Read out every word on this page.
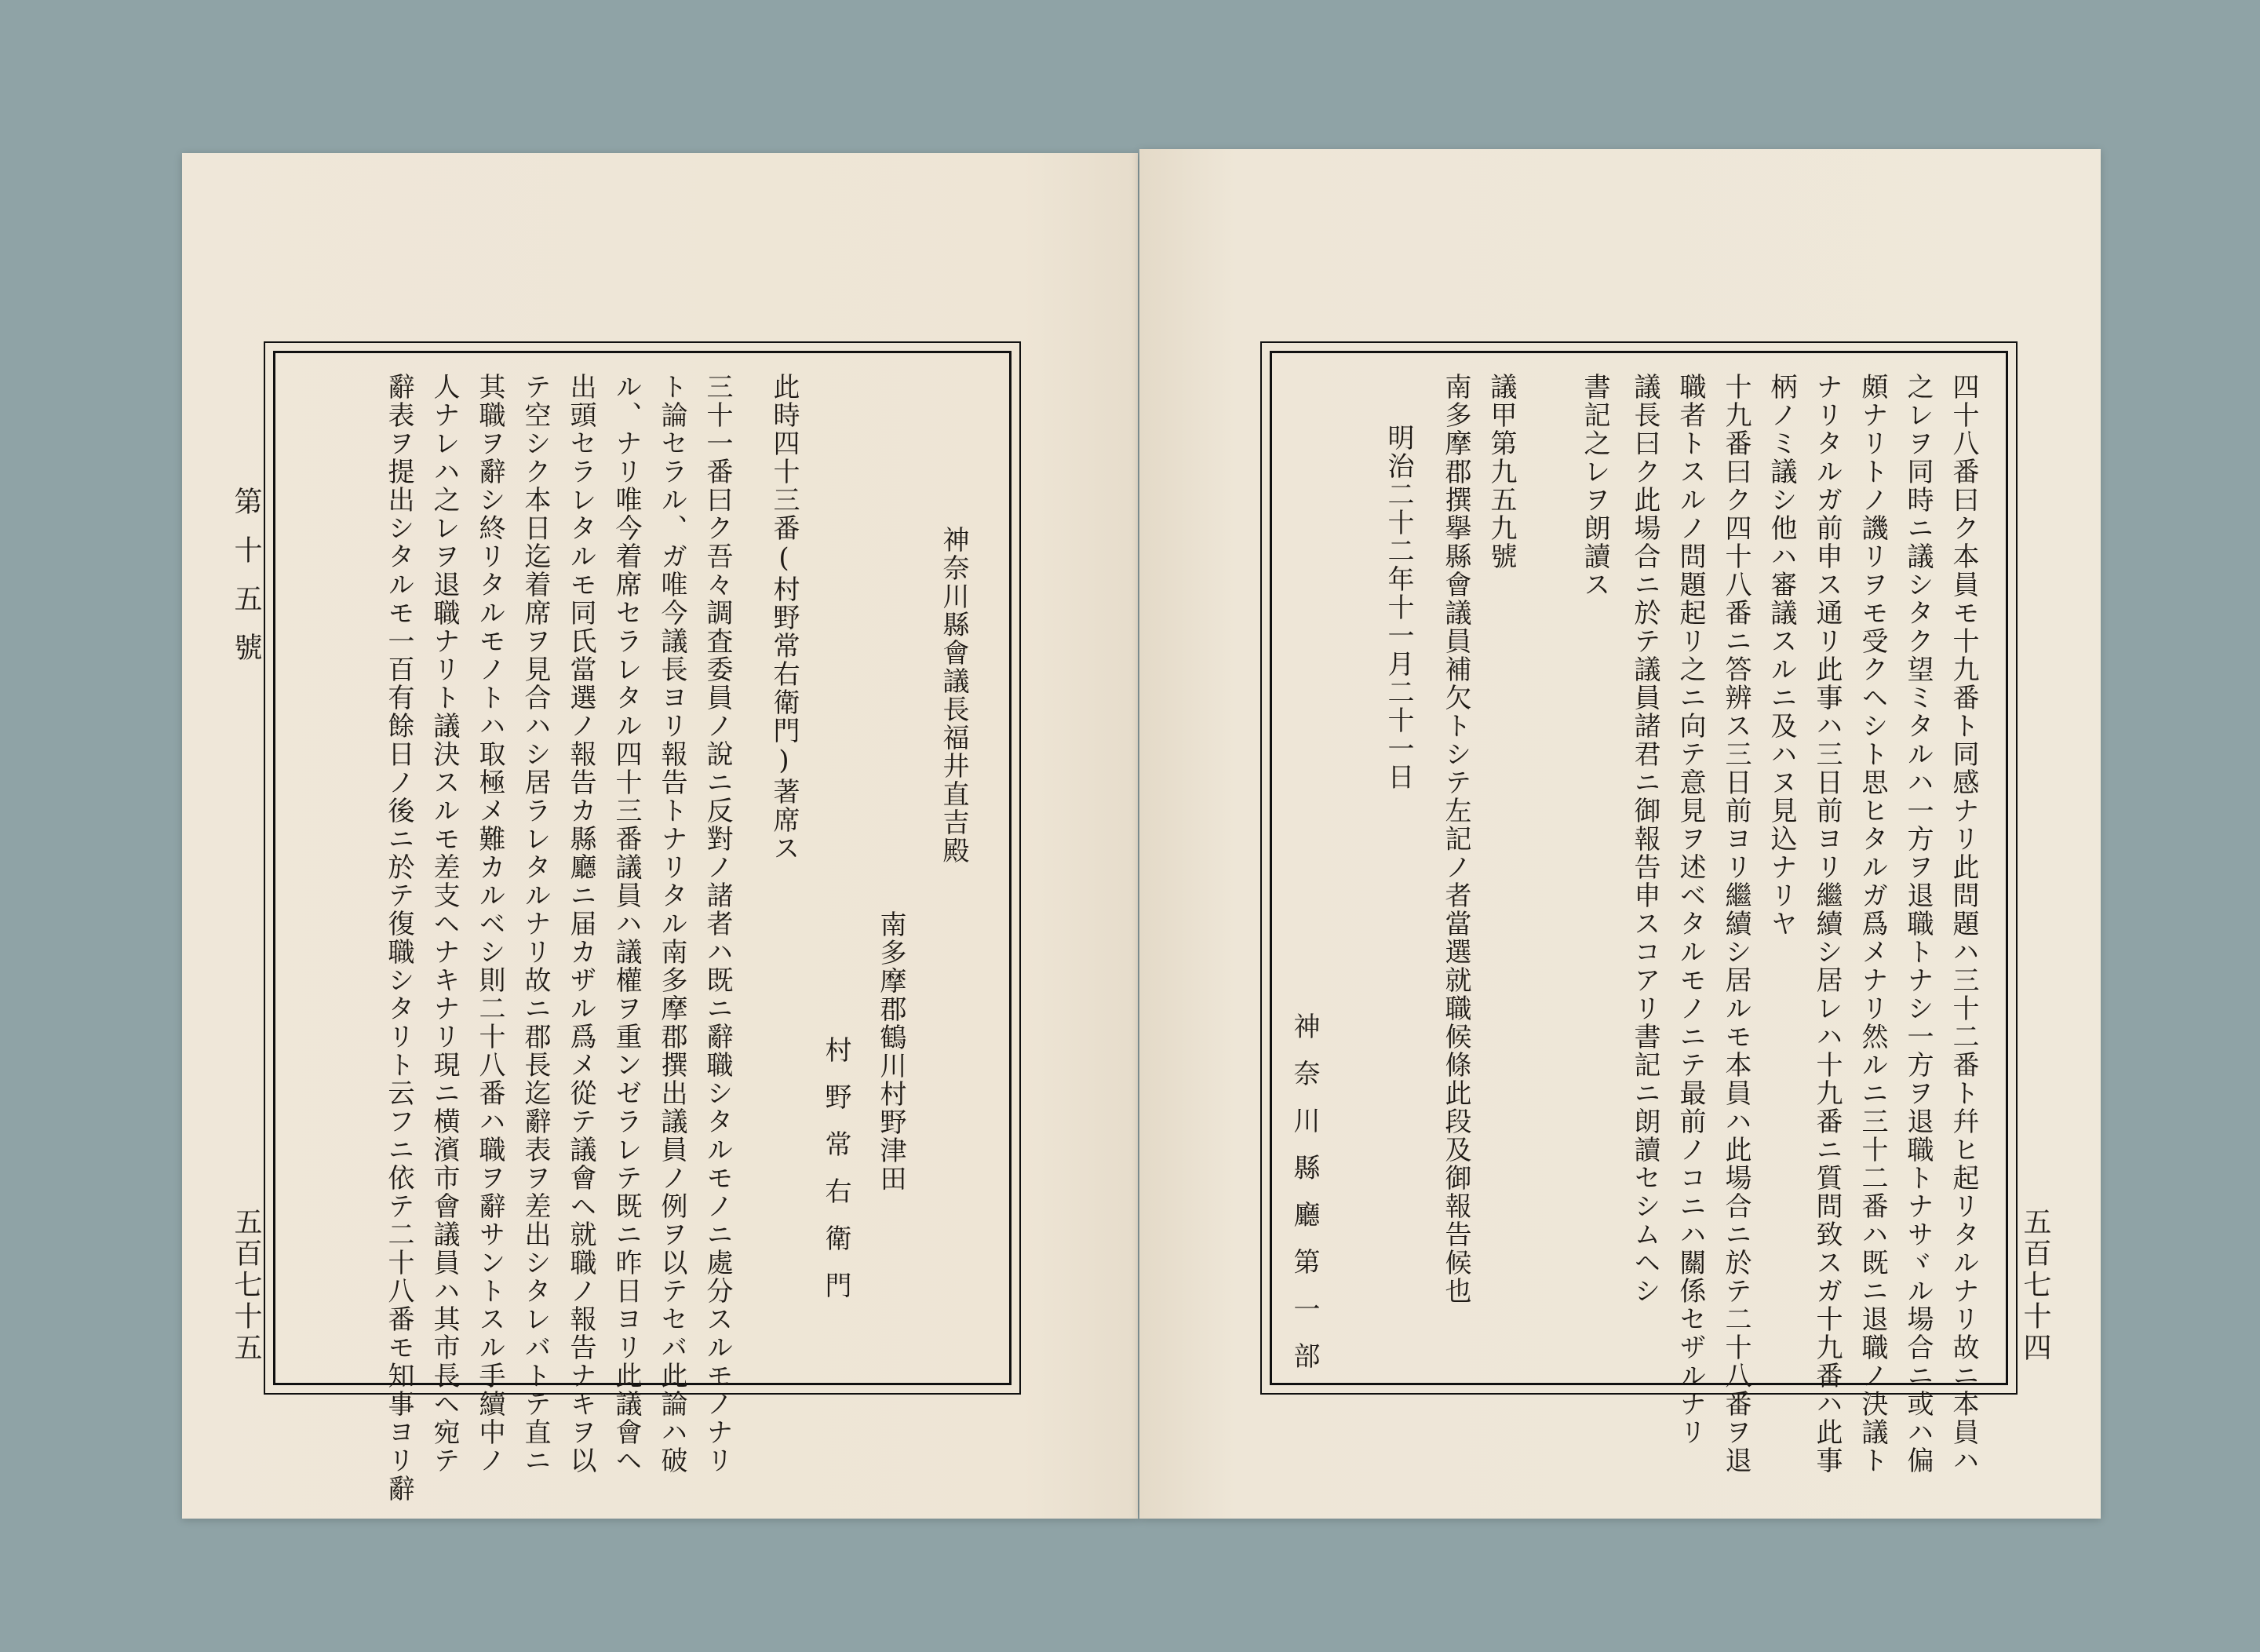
第十五號
五百七十五
神奈川縣會議長福井直吉殿
南多摩郡鶴川村野津田
村野常右衛門
此時四十三番(村野常右衛門)著席ス
三十一番曰ク吾々調査委員ノ說ニ反對ノ諸者ハ既ニ辭職シタルモノニ處分スルモノナリ
ト論セラル、ガ唯今議長ヨリ報告トナリタル南多摩郡撰出議員ノ例ヲ以テセバ此論ハ破
ル、ナリ唯今着席セラレタル四十三番議員ハ議權ヲ重ンゼラレテ既ニ昨日ヨリ此議會ヘ
出頭セラレタルモ同氏當選ノ報告カ縣廳ニ届カザル爲メ從テ議會ヘ就職ノ報告ナキヲ以
テ空シク本日迄着席ヲ見合ハシ居ラレタルナリ故ニ郡長迄辭表ヲ差出シタレバトテ直ニ
其職ヲ辭シ終リタルモノトハ取極メ難カルベシ則二十八番ハ職ヲ辭サントスル手續中ノ
人ナレハ之レヲ退職ナリト議決スルモ差支ヘナキナリ現ニ横濱市會議員ハ其市長ヘ宛テ
辭表ヲ提出シタルモ一百有餘日ノ後ニ於テ復職シタリト云フニ依テ二十八番モ知事ヨリ辭	五百七十四
四十八番曰ク本員モ十九番ト同感ナリ此問題ハ三十二番ト幷ヒ起リタルナリ故ニ本員ハ
之レヲ同時ニ議シタク望ミタルハ一方ヲ退職トナシ一方ヲ退職トナサヾル場合ニ或ハ偏
頗ナリトノ譏リヲモ受クヘシト思ヒタルガ爲メナリ然ルニ三十二番ハ既ニ退職ノ決議ト
ナリタルガ前申ス通リ此事ハ三日前ヨリ繼續シ居レハ十九番ニ質問致スガ十九番ハ此事
柄ノミ議シ他ハ審議スルニ及ハヌ見込ナリヤ
十九番曰ク四十八番ニ答辨ス三日前ヨリ繼續シ居ルモ本員ハ此場合ニ於テ二十八番ヲ退
職者トスルノ問題起リ之ニ向テ意見ヲ述ベタルモノニテ最前ノコニハ關係セザルナリ
議長曰ク此場合ニ於テ議員諸君ニ御報告申スコアリ書記ニ朗讀セシムヘシ
書記之レヲ朗讀ス
議甲第九五九號
南多摩郡撰擧縣會議員補欠トシテ左記ノ者當選就職候條此段及御報告候也
明治二十二年十一月二十一日
神奈川縣廳第一部
